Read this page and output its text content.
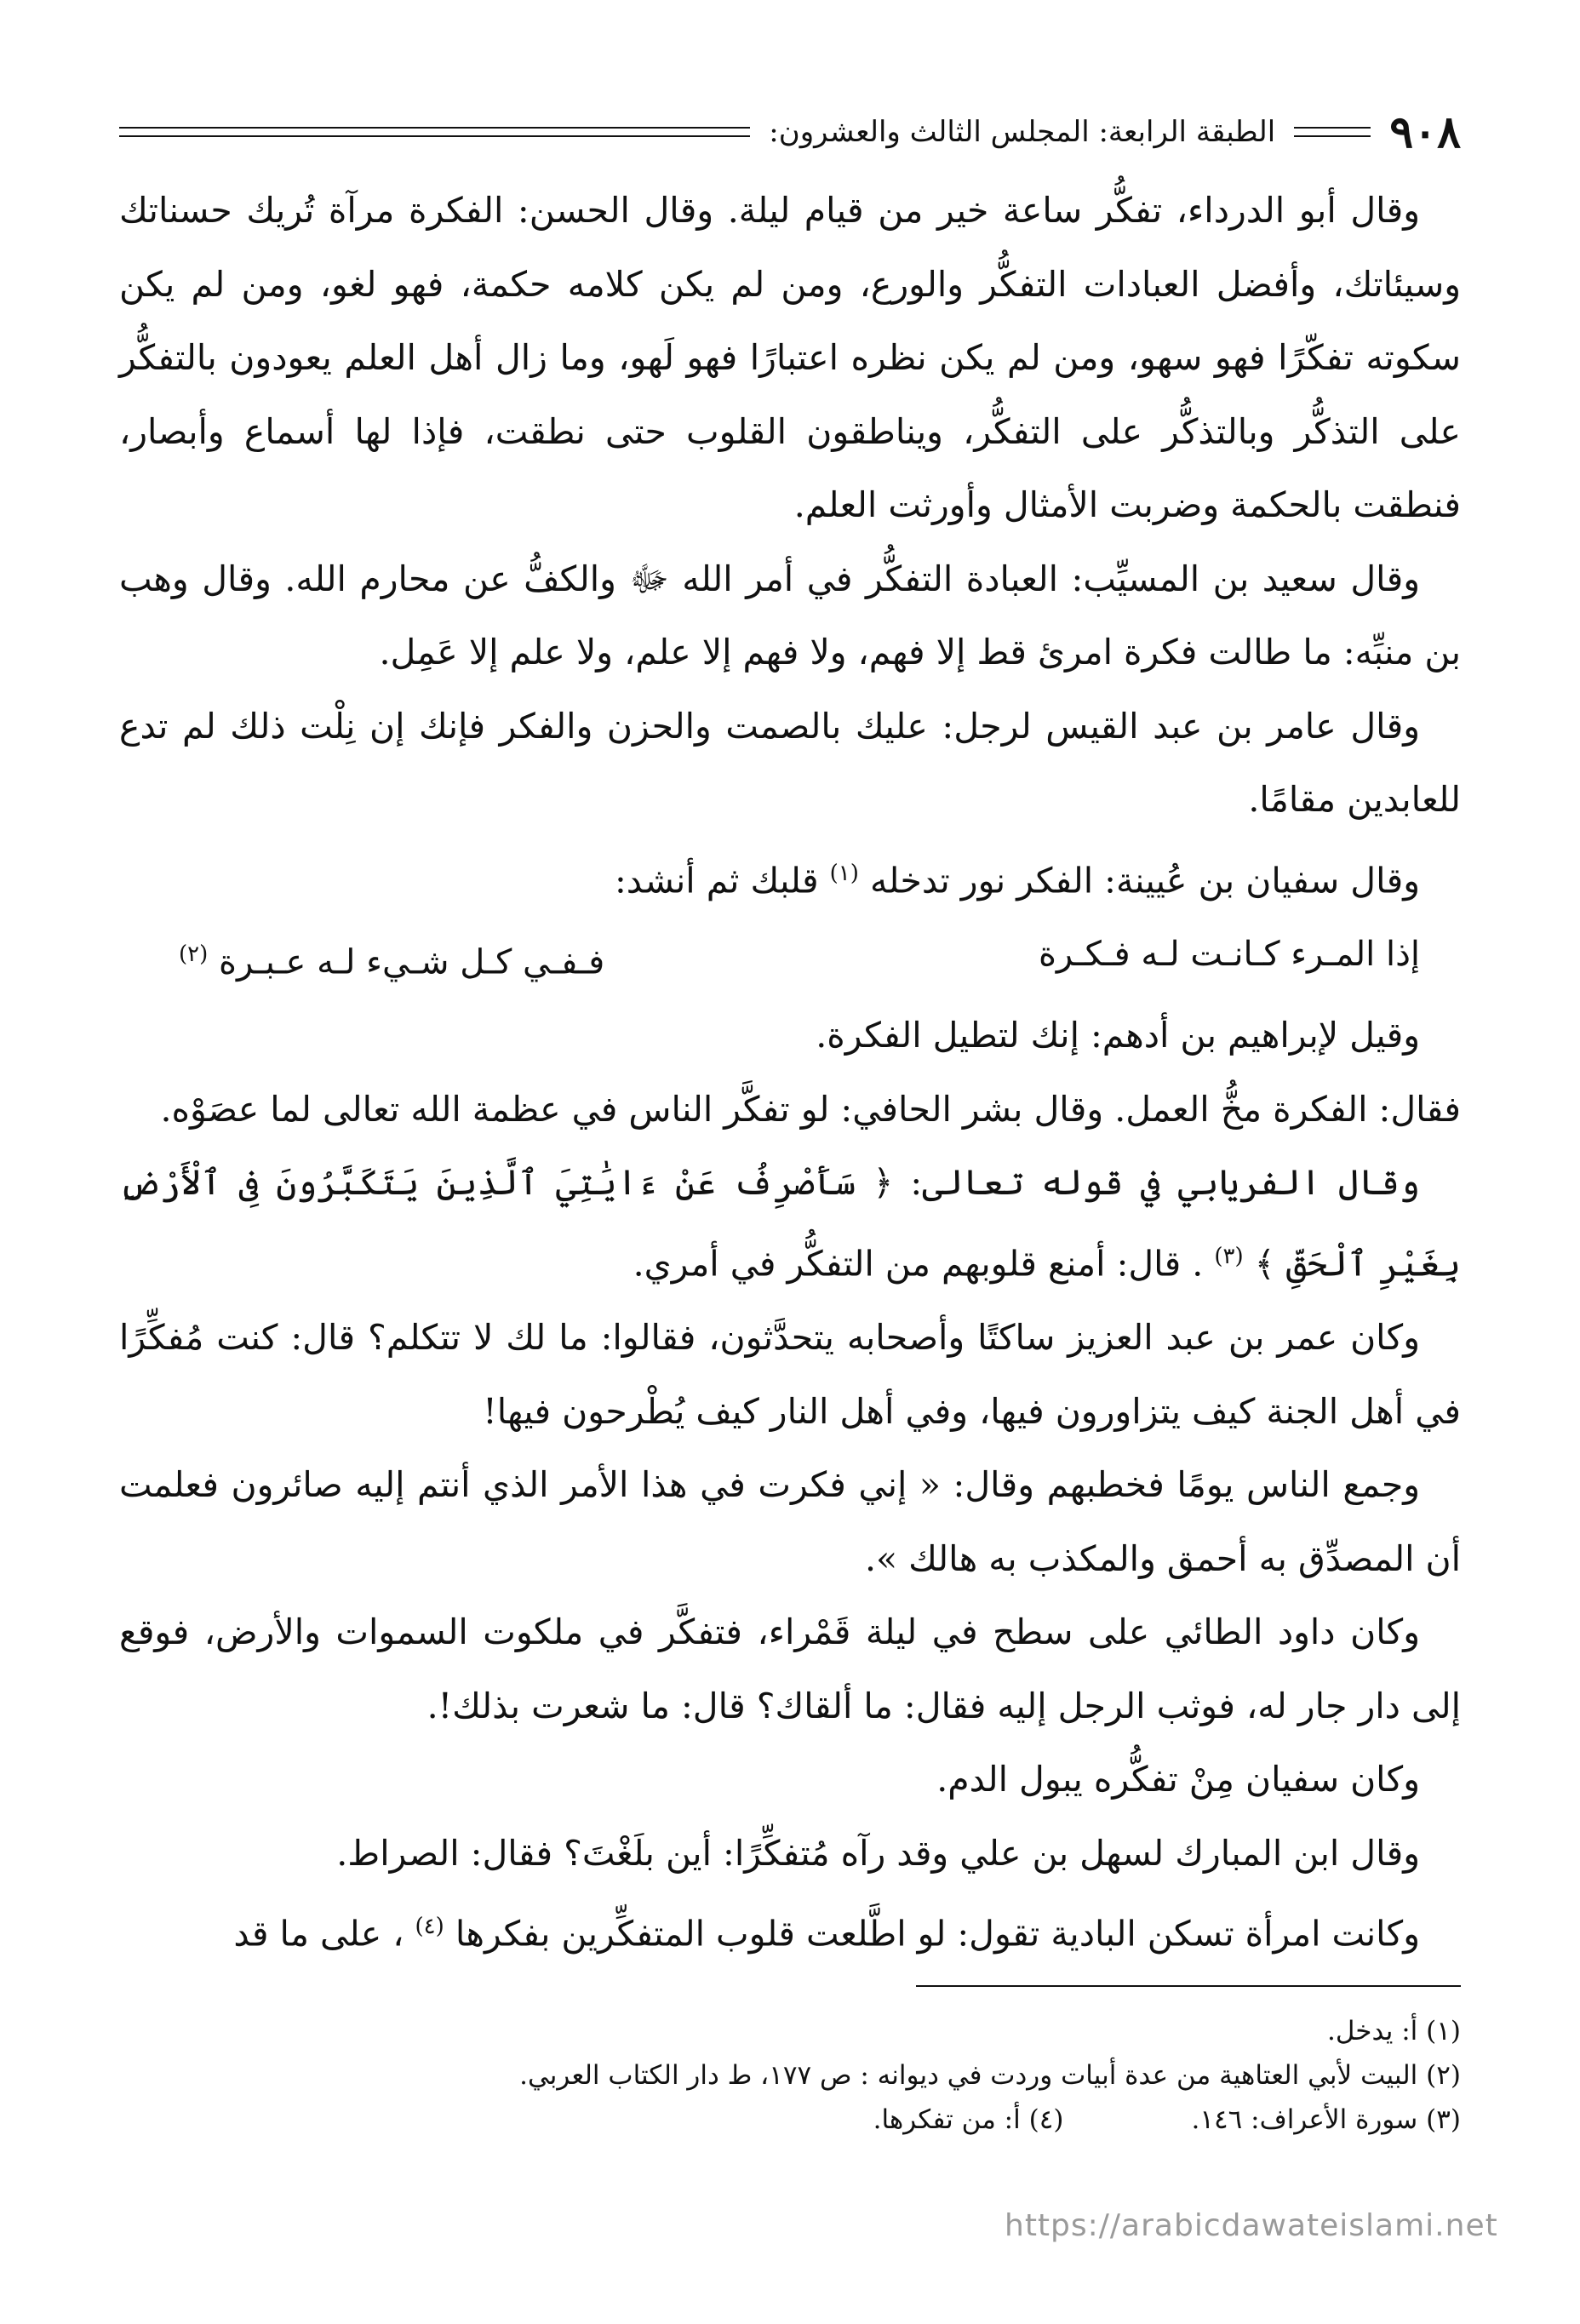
٩٠٨
الطبقة الرابعة: المجلس الثالث والعشرون:

وقال أبو الدرداء، تفكُّر ساعة خير من قيام ليلة. وقال الحسن: الفكرة مرآة تُريك حسناتك وسيئاتك، وأفضل العبادات التفكُّر والورع، ومن لم يكن كلامه حكمة، فهو لغو، ومن لم يكن سكوته تفكّرًا فهو سهو، ومن لم يكن نظره اعتبارًا فهو لَهو، وما زال أهل العلم يعودون بالتفكُّر على التذكُّر وبالتذكُّر على التفكُّر، ويناطقون القلوب حتى نطقت، فإذا لها أسماع وأبصار، فنطقت بالحكمة وضربت الأمثال وأورثت العلم.

وقال سعيد بن المسيِّب: العبادة التفكُّر في أمر الله ﷻ والكفُّ عن محارم الله. وقال وهب بن منبِّه: ما طالت فكرة امرئ قط إلا فهم، ولا فهم إلا علم، ولا علم إلا عَمِل.

وقال عامر بن عبد القيس لرجل: عليك بالصمت والحزن والفكر فإنك إن نِلْت ذلك لم تدع للعابدين مقامًا.

وقال سفيان بن عُيينة: الفكر نور تدخله $^{(١)}$ قلبك ثم أنشد:

إذا المـرء كـانـت لـه فـكـرة
فـفـي كـل شـيء لـه عـبـرة $^{(٢)}$

وقيل لإبراهيم بن أدهم: إنك لتطيل الفكرة.

فقال: الفكرة مخُّ العمل. وقال بشر الحافي: لو تفكَّر الناس في عظمة الله تعالى لما عصَوْه.

وقال الفريابي في قوله تعالى: ﴿ سَأَصْرِفُ عَنْ ءَايَٰتِيَ ٱلَّذِينَ يَتَكَبَّرُونَ فِى ٱلْأَرْضِ بِغَيْرِ ٱلْحَقِّ ﴾ $^{(٣)}$ . قال: أمنع قلوبهم من التفكُّر في أمري.

وكان عمر بن عبد العزيز ساكتًا وأصحابه يتحدَّثون، فقالوا: ما لك لا تتكلم؟ قال: كنت مُفكِّرًا في أهل الجنة كيف يتزاورون فيها، وفي أهل النار كيف يُطْرحون فيها!

وجمع الناس يومًا فخطبهم وقال: « إني فكرت في هذا الأمر الذي أنتم إليه صائرون فعلمت أن المصدِّق به أحمق والمكذب به هالك ».

وكان داود الطائي على سطح في ليلة قَمْراء، فتفكَّر في ملكوت السموات والأرض، فوقع إلى دار جار له، فوثب الرجل إليه فقال: ما ألقاك؟ قال: ما شعرت بذلك!.

وكان سفيان مِنْ تفكُّره يبول الدم.

وقال ابن المبارك لسهل بن علي وقد رآه مُتفكِّرًا: أين بلَغْتَ؟ فقال: الصراط.

وكانت امرأة تسكن البادية تقول: لو اطَّلعت قلوب المتفكِّرين بفكرها $^{(٤)}$ ، على ما قد

(١) أ: يدخل.
(٢) البيت لأبي العتاهية من عدة أبيات وردت في ديوانه : ص ١٧٧، ط دار الكتاب العربي.
(٣) سورة الأعراف: ١٤٦.
(٤) أ: من تفكرها.
https://arabicdawateislami.net
